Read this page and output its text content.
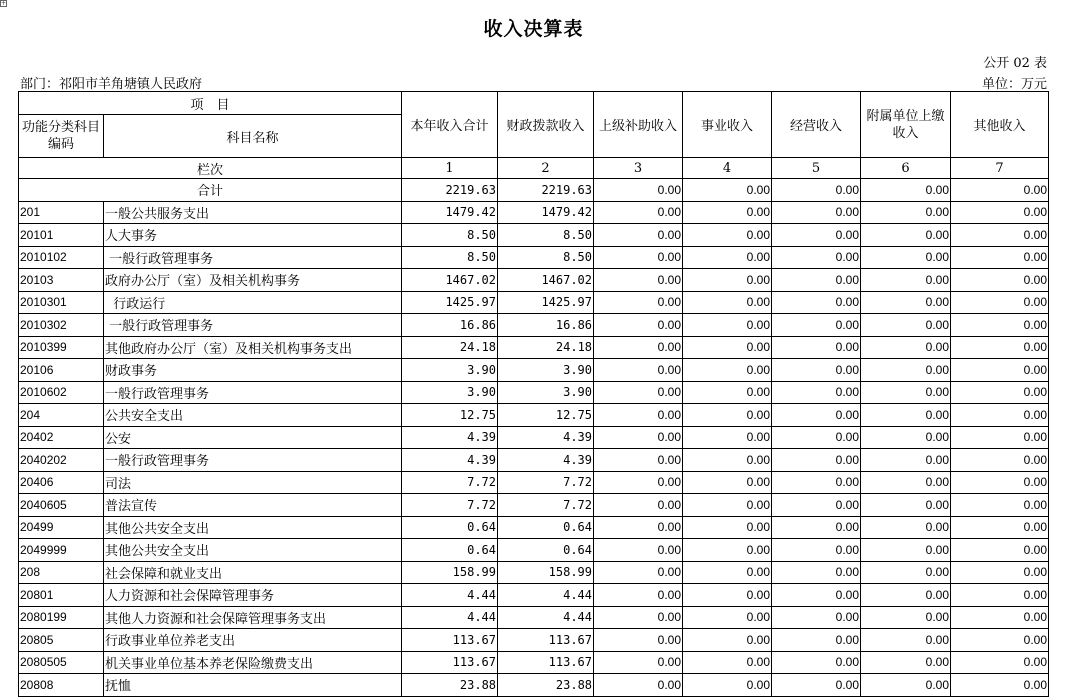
+
收入决算表
公开 02 表
部门：祁阳市羊角塘镇人民政府	单位：万元
项　目		本年收入合计	财政拨款收入	上级补助收入	事业收入	经营收入	附属单位上缴收入	其他收入
功能分类科目编码	科目名称							
栏次		1	2	3	4	5	6	7
合计		2219.63	2219.63	0.00	0.00	0.00	0.00	0.00
201	一般公共服务支出	1479.42	1479.42	0.00	0.00	0.00	0.00	0.00
20101	人大事务	8.50	8.50	0.00	0.00	0.00	0.00	0.00
2010102	一般行政管理事务	8.50	8.50	0.00	0.00	0.00	0.00	0.00
20103	政府办公厅（室）及相关机构事务	1467.02	1467.02	0.00	0.00	0.00	0.00	0.00
2010301	行政运行	1425.97	1425.97	0.00	0.00	0.00	0.00	0.00
2010302	一般行政管理事务	16.86	16.86	0.00	0.00	0.00	0.00	0.00
2010399	其他政府办公厅（室）及相关机构事务支出	24.18	24.18	0.00	0.00	0.00	0.00	0.00
20106	财政事务	3.90	3.90	0.00	0.00	0.00	0.00	0.00
2010602	一般行政管理事务	3.90	3.90	0.00	0.00	0.00	0.00	0.00
204	公共安全支出	12.75	12.75	0.00	0.00	0.00	0.00	0.00
20402	公安	4.39	4.39	0.00	0.00	0.00	0.00	0.00
2040202	一般行政管理事务	4.39	4.39	0.00	0.00	0.00	0.00	0.00
20406	司法	7.72	7.72	0.00	0.00	0.00	0.00	0.00
2040605	普法宣传	7.72	7.72	0.00	0.00	0.00	0.00	0.00
20499	其他公共安全支出	0.64	0.64	0.00	0.00	0.00	0.00	0.00
2049999	其他公共安全支出	0.64	0.64	0.00	0.00	0.00	0.00	0.00
208	社会保障和就业支出	158.99	158.99	0.00	0.00	0.00	0.00	0.00
20801	人力资源和社会保障管理事务	4.44	4.44	0.00	0.00	0.00	0.00	0.00
2080199	其他人力资源和社会保障管理事务支出	4.44	4.44	0.00	0.00	0.00	0.00	0.00
20805	行政事业单位养老支出	113.67	113.67	0.00	0.00	0.00	0.00	0.00
2080505	机关事业单位基本养老保险缴费支出	113.67	113.67	0.00	0.00	0.00	0.00	0.00
20808	抚恤	23.88	23.88	0.00	0.00	0.00	0.00	0.00
